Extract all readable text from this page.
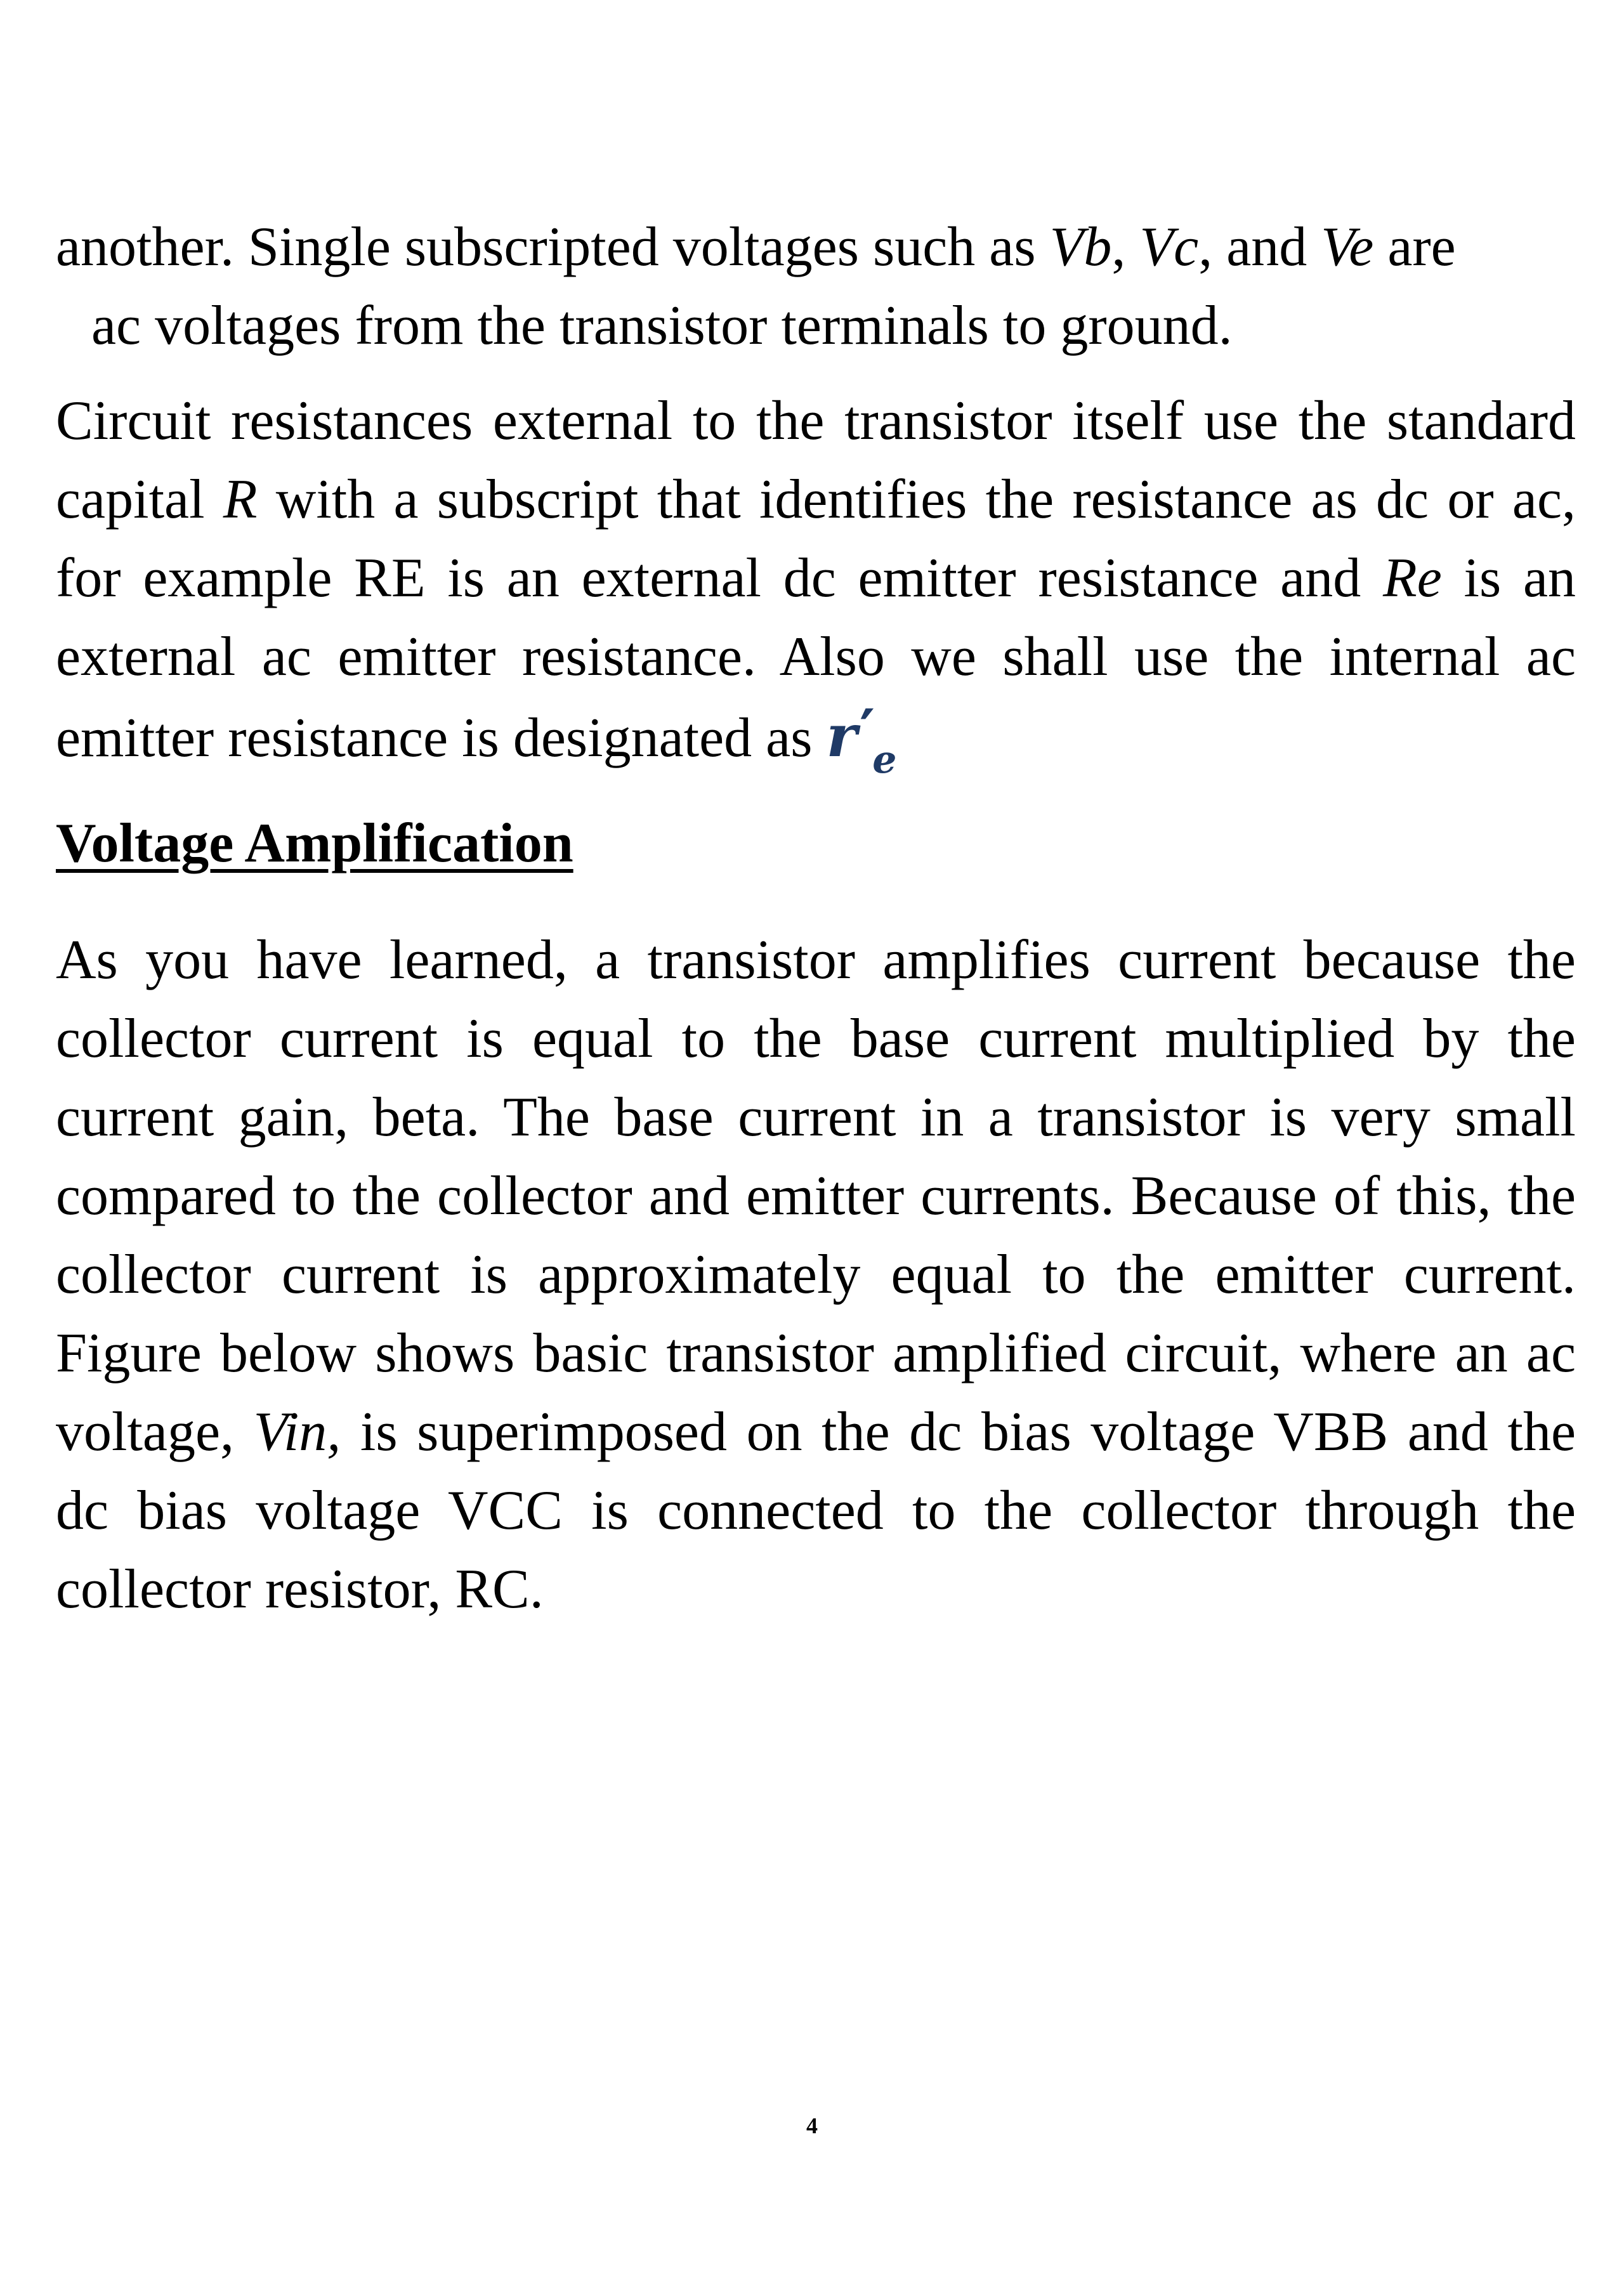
another. Single subscripted voltages such as Vb, Vc, and Ve are
ac voltages from the transistor terminals to ground.

Circuit resistances external to the transistor itself use the standard capital R with a subscript that identifies the resistance as dc or ac, for example RE is an external dc emitter resistance and Re is an external ac emitter resistance. Also we shall use the internal ac emitter resistance is designated as $r'_e$

Voltage Amplification

As you have learned, a transistor amplifies current because the collector current is equal to the base current multiplied by the current gain, beta. The base current in a transistor is very small compared to the collector and emitter currents. Because of this, the collector current is approximately equal to the emitter current. Figure below shows basic transistor amplified circuit, where an ac voltage, Vin, is superimposed on the dc bias voltage VBB and the dc bias voltage VCC is connected to the collector through the collector resistor, RC.

4
